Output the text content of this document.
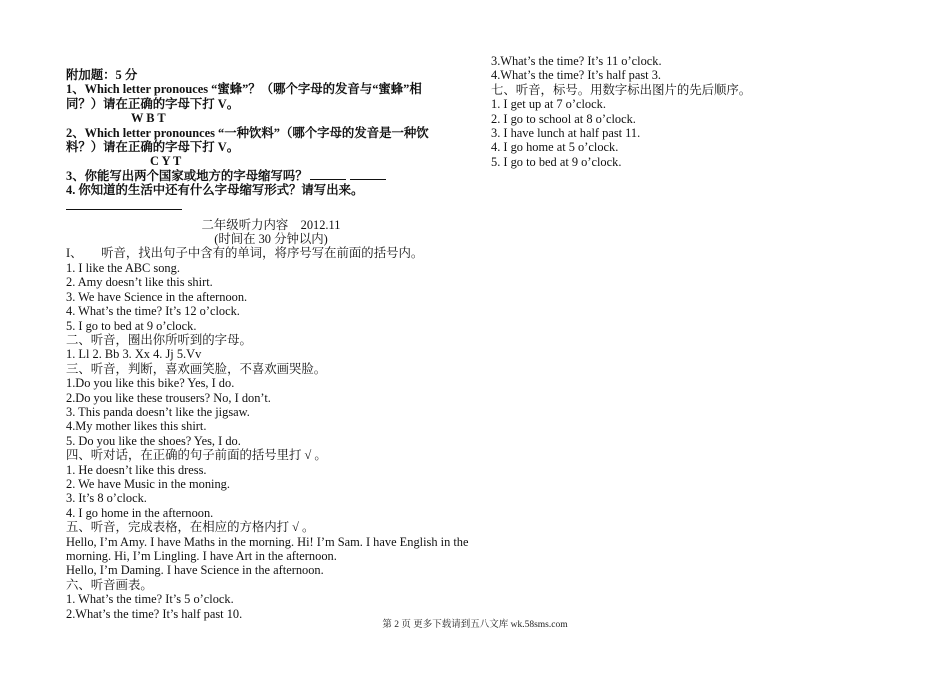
附加题：5 分
1、Which letter pronouces “蜜蜂”？（哪个字母的发音与“蜜蜂”相
同？）请在正确的字母下打 V。
W B T
2、Which letter pronounces “一种饮料”（哪个字母的发音是一种饮
料？）请在正确的字母下打 V。
C Y T
3、你能写出两个国家或地方的字母缩写吗？
4. 你知道的生活中还有什么字母缩写形式？请写出来。
二年级听力内容　2012.11
(时间在 30 分钟以内)
I、　　听音，找出句子中含有的单词，将序号写在前面的括号内。
1. I like the ABC song.
2. Amy doesn’t like this shirt.
3. We have Science in the afternoon.
4. What’s the time? It’s 12 o’clock.
5. I go to bed at 9 o’clock.
二、听音，圈出你所听到的字母。
1. Ll 2. Bb 3. Xx 4. Jj 5.Vv
三、听音，判断，喜欢画笑脸，不喜欢画哭脸。
1.Do you like this bike? Yes, I do.
2.Do you like these trousers? No, I don’t.
3. This panda doesn’t like the jigsaw.
4.My mother likes this shirt.
5. Do you like the shoes? Yes, I do.
四、听对话，在正确的句子前面的括号里打 √ 。
1. He doesn’t like this dress.
2. We have Music in the moning.
3. It’s 8 o’clock.
4. I go home in the afternoon.
五、听音，完成表格，在相应的方格内打 √ 。
Hello, I’m Amy. I have Maths in the morning. Hi! I’m Sam. I have English in the morning. Hi, I’m Lingling. I have Art in the afternoon.
Hello, I’m Daming. I have Science in the afternoon.
六、听音画表。
1. What’s the time? It’s 5 o’clock.
2.What’s the time? It’s half past 10.
3.What’s the time? It’s 11 o’clock.
4.What’s the time? It’s half past 3.
七、听音，标号。用数字标出图片的先后顺序。
1. I get up at 7 o’clock.
2. I go to school at 8 o’clock.
3. I have lunch at half past 11.
4. I go home at 5 o’clock.
5. I go to bed at 9 o’clock.
第 2 页 更多下载请到五八文库 wk.58sms.com
